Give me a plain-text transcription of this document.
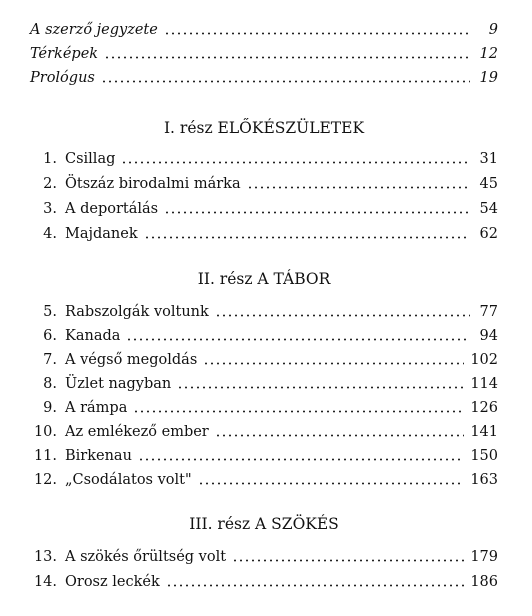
A szerző jegyzete	9
Térképek	12
Prológus	19
I. rész ELŐKÉSZÜLETEK
1. Csillag	31
2. Ötszáz birodalmi márka	45
3. A deportálás	54
4. Majdanek	62
II. rész A TÁBOR
5. Rabszolgák voltunk	77
6. Kanada	94
7. A végső megoldás	102
8. Üzlet nagyban	114
9. A rámpa	126
10. Az emlékező ember	141
11. Birkenau	150
12. „Csodálatos volt"	163
III. rész A SZÖKÉS
13. A szökés őrültség volt	179
14. Orosz leckék	186
